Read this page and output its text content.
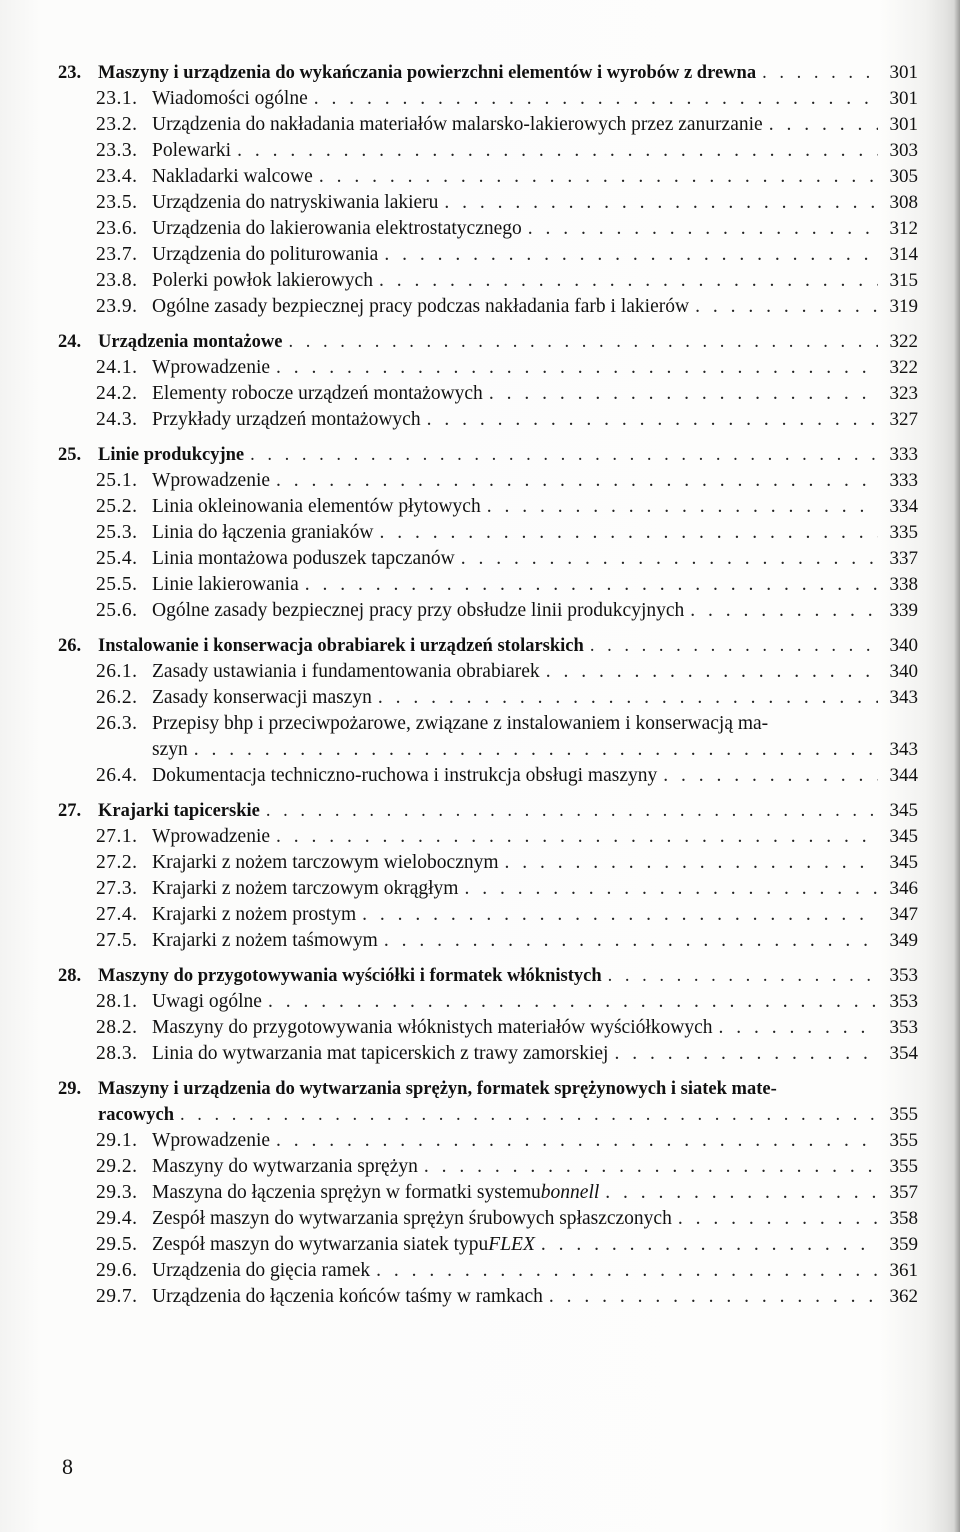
23. Maszyny i urządzenia do wykańczania powierzchni elementów i wyrobów z drewna . . .	301
23.1. Wiadomości ogólne . . .	301
23.2. Urządzenia do nakładania materiałów malarsko-lakierowych przez zanurzanie . . .	301
23.3. Polewarki . . .	303
23.4. Nakladarki walcowe . . .	305
23.5. Urządzenia do natryskiwania lakieru . . .	308
23.6. Urządzenia do lakierowania elektrostatycznego . . .	312
23.7. Urządzenia do politurowania . . .	314
23.8. Polerki powłok lakierowych . . .	315
23.9. Ogólne zasady bezpiecznej pracy podczas nakładania farb i lakierów . . .	319
24. Urządzenia montażowe . . .	322
24.1. Wprowadzenie . . .	322
24.2. Elementy robocze urządzeń montażowych . . .	323
24.3. Przykłady urządzeń montażowych . . .	327
25. Linie produkcyjne . . .	333
25.1. Wprowadzenie . . .	333
25.2. Linia okleinowania elementów płytowych . . .	334
25.3. Linia do łączenia graniaków . . .	335
25.4. Linia montażowa poduszek tapczanów . . .	337
25.5. Linie lakierowania . . .	338
25.6. Ogólne zasady bezpiecznej pracy przy obsłudze linii produkcyjnych . . .	339
26. Instalowanie i konserwacja obrabiarek i urządzeń stolarskich . . .	340
26.1. Zasady ustawiania i fundamentowania obrabiarek . . .	340
26.2. Zasady konserwacji maszyn . . .	343
26.3. Przepisy bhp i przeciwpożarowe, związane z instalowaniem i konserwacją ma-
szyn . . .	343
26.4. Dokumentacja techniczno-ruchowa i instrukcja obsługi maszyny . . .	344
27. Krajarki tapicerskie . . .	345
27.1. Wprowadzenie . . .	345
27.2. Krajarki z nożem tarczowym wielobocznym . . .	345
27.3. Krajarki z nożem tarczowym okrągłym . . .	346
27.4. Krajarki z nożem prostym . . .	347
27.5. Krajarki z nożem taśmowym . . .	349
28. Maszyny do przygotowywania wyściółki i formatek włóknistych . . .	353
28.1. Uwagi ogólne . . .	353
28.2. Maszyny do przygotowywania włóknistych materiałów wyściółkowych . . .	353
28.3. Linia do wytwarzania mat tapicerskich z trawy zamorskiej . . .	354
29. Maszyny i urządzenia do wytwarzania sprężyn, formatek sprężynowych i siatek mate-
racowych . . .	355
29.1. Wprowadzenie . . .	355
29.2. Maszyny do wytwarzania sprężyn . . .	355
29.3. Maszyna do łączenia sprężyn w formatki systemu bonnell . . .	357
29.4. Zespół maszyn do wytwarzania sprężyn śrubowych spłaszczonych . . .	358
29.5. Zespół maszyn do wytwarzania siatek typu FLEX . . .	359
29.6. Urządzenia do gięcia ramek . . .	361
29.7. Urządzenia do łączenia końców taśmy w ramkach . . .	362
8
